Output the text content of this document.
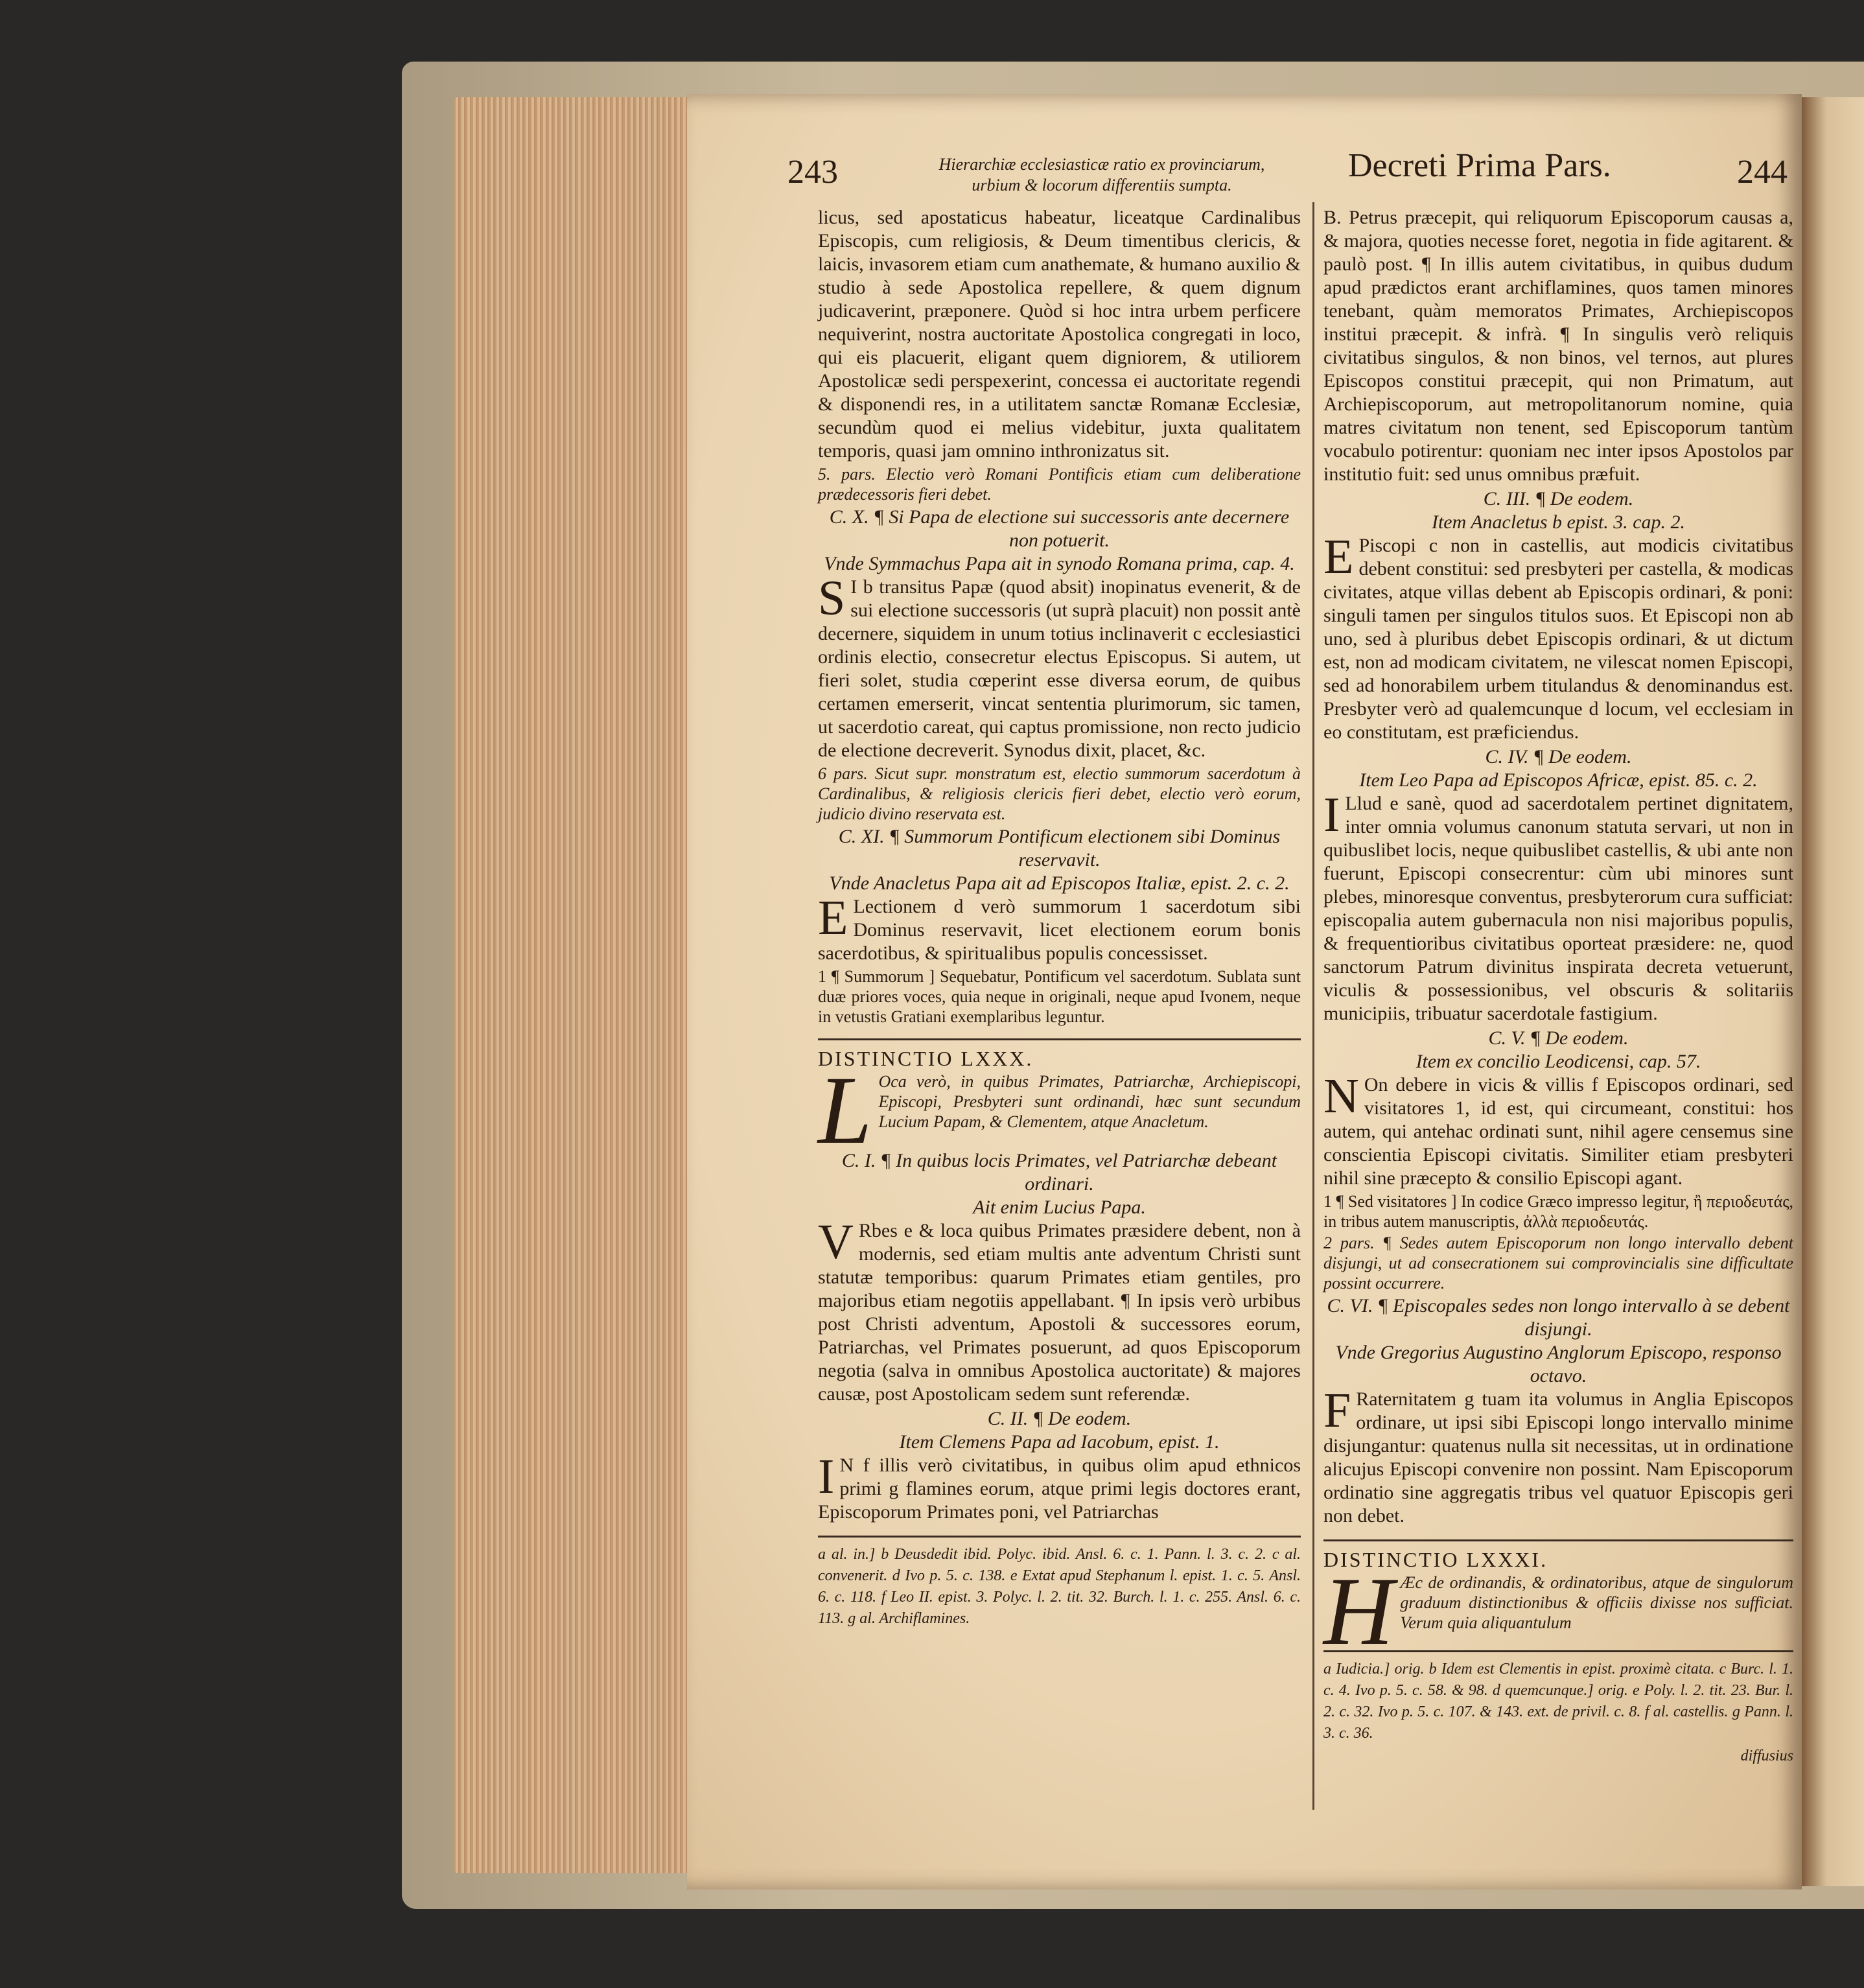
243	Hierarchiæ ecclesiasticæ ratio ex provinciarum, urbium & locorum differentiis sumpta.
Decreti Prima Pars.	244

licus, sed apostaticus habeatur, liceatque Cardinalibus Episcopis, cum religiosis, & Deum timentibus clericis, & laicis, invasorem etiam cum anathemate, & humano auxilio & studio à sede Apostolica repellere, & quem dignum judicaverint, præponere. Quòd si hoc intra urbem perficere nequiverint, nostra auctoritate Apostolica congregati in loco, qui eis placuerit, eligant quem digniorem, & utiliorem Apostolicæ sedi perspexerint, concessa ei auctoritate regendi & disponendi res, in a utilitatem sanctæ Romanæ Ecclesiæ, secundùm quod ei melius videbitur, juxta qualitatem temporis, quasi jam omnino inthronizatus sit.

5. pars. Electio verò Romani Pontificis etiam cum deliberatione prædecessoris fieri debet.

C. X. ¶ Si Papa de electione sui successoris ante decernere non potuerit.

Vnde Symmachus Papa ait in synodo Romana prima, cap. 4.

S I b transitus Papæ (quod absit) inopinatus evenerit, & de sui electione successoris (ut suprà placuit) non possit antè decernere, siquidem in unum totius inclinaverit c ecclesiastici ordinis electio, consecretur electus Episcopus. Si autem, ut fieri solet, studia cœperint esse diversa eorum, de quibus certamen emerserit, vincat sententia plurimorum, sic tamen, ut sacerdotio careat, qui captus promissione, non recto judicio de electione decreverit. Synodus dixit, placet, &c.

6 pars. Sicut supr. monstratum est, electio summorum sacerdotum à Cardinalibus, & religiosis clericis fieri debet, electio verò eorum, judicio divino reservata est.

C. XI. ¶ Summorum Pontificum electionem sibi Dominus reservavit.

Vnde Anacletus Papa ait ad Episcopos Italiæ, epist. 2. c. 2.

E Lectionem d verò summorum 1 sacerdotum sibi Dominus reservavit, licet electionem eorum bonis sacerdotibus, & spiritualibus populis concessisset.

1 ¶ Summorum ] Sequebatur, Pontificum vel sacerdotum. Sublata sunt duæ priores voces, quia neque in originali, neque apud Ivonem, neque in vetustis Gratiani exemplaribus leguntur.

DISTINCTIO LXXX.

L Oca verò, in quibus Primates, Patriarchæ, Archiepiscopi, Episcopi, Presbyteri sunt ordinandi, hæc sunt secundum Lucium Papam, & Clementem, atque Anacletum.

C. I. ¶ In quibus locis Primates, vel Patriarchæ debeant ordinari.

Ait enim Lucius Papa.

V Rbes e & loca quibus Primates præsidere debent, non à modernis, sed etiam multis ante adventum Christi sunt statutæ temporibus: quarum Primates etiam gentiles, pro majoribus etiam negotiis appellabant. ¶ In ipsis verò urbibus post Christi adventum, Apostoli & successores eorum, Patriarchas, vel Primates posuerunt, ad quos Episcoporum negotia (salva in omnibus Apostolica auctoritate) & majores causæ, post Apostolicam sedem sunt referendæ.

C. II. ¶ De eodem.

Item Clemens Papa ad Iacobum, epist. 1.

I N f illis verò civitatibus, in quibus olim apud ethnicos primi g flamines eorum, atque primi legis doctores erant, Episcoporum Primates poni, vel Patriarchas

a al. in.] b Deusdedit ibid. Polyc. ibid. Ansl. 6. c. 1. Pann. l. 3. c. 2. c al. convenerit. d Ivo p. 5. c. 138. e Extat apud Stephanum l. epist. 1. c. 5. Ansl. 6. c. 118. f Leo II. epist. 3. Polyc. l. 2. tit. 32. Burch. l. 1. c. 255. Ansl. 6. c. 113. g al. Archiflamines.

B. Petrus præcepit, qui reliquorum Episcoporum causas a, & majora, quoties necesse foret, negotia in fide agitarent. & paulò post. ¶ In illis autem civitatibus, in quibus dudum apud prædictos erant archiflamines, quos tamen minores tenebant, quàm memoratos Primates, Archiepiscopos institui præcepit. & infrà. ¶ In singulis verò reliquis civitatibus singulos, & non binos, vel ternos, aut plures Episcopos constitui præcepit, qui non Primatum, aut Archiepiscoporum, aut metropolitanorum nomine, quia matres civitatum non tenent, sed Episcoporum tantùm vocabulo potirentur: quoniam nec inter ipsos Apostolos par institutio fuit: sed unus omnibus præfuit.

C. III. ¶ De eodem.

Item Anacletus b epist. 3. cap. 2.

E Piscopi c non in castellis, aut modicis civitatibus debent constitui: sed presbyteri per castella, & modicas civitates, atque villas debent ab Episcopis ordinari, & poni: singuli tamen per singulos titulos suos. Et Episcopi non ab uno, sed à pluribus debet Episcopis ordinari, & ut dictum est, non ad modicam civitatem, ne vilescat nomen Episcopi, sed ad honorabilem urbem titulandus & denominandus est. Presbyter verò ad qualemcunque d locum, vel ecclesiam in eo constitutam, est præficiendus.

C. IV. ¶ De eodem.

Item Leo Papa ad Episcopos Africæ, epist. 85. c. 2.

I Llud e sanè, quod ad sacerdotalem pertinet dignitatem, inter omnia volumus canonum statuta servari, ut non in quibuslibet locis, neque quibuslibet castellis, & ubi ante non fuerunt, Episcopi consecrentur: cùm ubi minores sunt plebes, minoresque conventus, presbyterorum cura sufficiat: episcopalia autem gubernacula non nisi majoribus populis, & frequentioribus civitatibus oporteat præsidere: ne, quod sanctorum Patrum divinitus inspirata decreta vetuerunt, viculis & possessionibus, vel obscuris & solitariis municipiis, tribuatur sacerdotale fastigium.

C. V. ¶ De eodem.

Item ex concilio Leodicensi, cap. 57.

N On debere in vicis & villis f Episcopos ordinari, sed visitatores 1, id est, qui circumeant, constitui: hos autem, qui antehac ordinati sunt, nihil agere censemus sine conscientia Episcopi civitatis. Similiter etiam presbyteri nihil sine præcepto & consilio Episcopi agant.

1 ¶ Sed visitatores ] In codice Græco impresso legitur, ἢ περιοδευτάς, in tribus autem manuscriptis, ἀλλὰ περιοδευτάς.

2 pars. ¶ Sedes autem Episcoporum non longo intervallo debent disjungi, ut ad consecrationem sui comprovincialis sine difficultate possint occurrere.

C. VI. ¶ Episcopales sedes non longo intervallo à se debent disjungi.

Vnde Gregorius Augustino Anglorum Episcopo, responso octavo.

F Raternitatem g tuam ita volumus in Anglia Episcopos ordinare, ut ipsi sibi Episcopi longo intervallo minime disjungantur: quatenus nulla sit necessitas, ut in ordinatione alicujus Episcopi convenire non possint. Nam Episcoporum ordinatio sine aggregatis tribus vel quatuor Episcopis geri non debet.

DISTINCTIO LXXXI.

H Æc de ordinandis, & ordinatoribus, atque de singulorum graduum distinctionibus & officiis dixisse nos sufficiat. Verum quia aliquantulum

a Iudicia.] orig. b Idem est Clementis in epist. proximè citata. c Burc. l. 1. c. 4. Ivo p. 5. c. 58. & 98. d quemcunque.] orig. e Poly. l. 2. tit. 23. Bur. l. 2. c. 32. Ivo p. 5. c. 107. & 143. ext. de privil. c. 8. f al. castellis. g Pann. l. 3. c. 36.

diffusius
